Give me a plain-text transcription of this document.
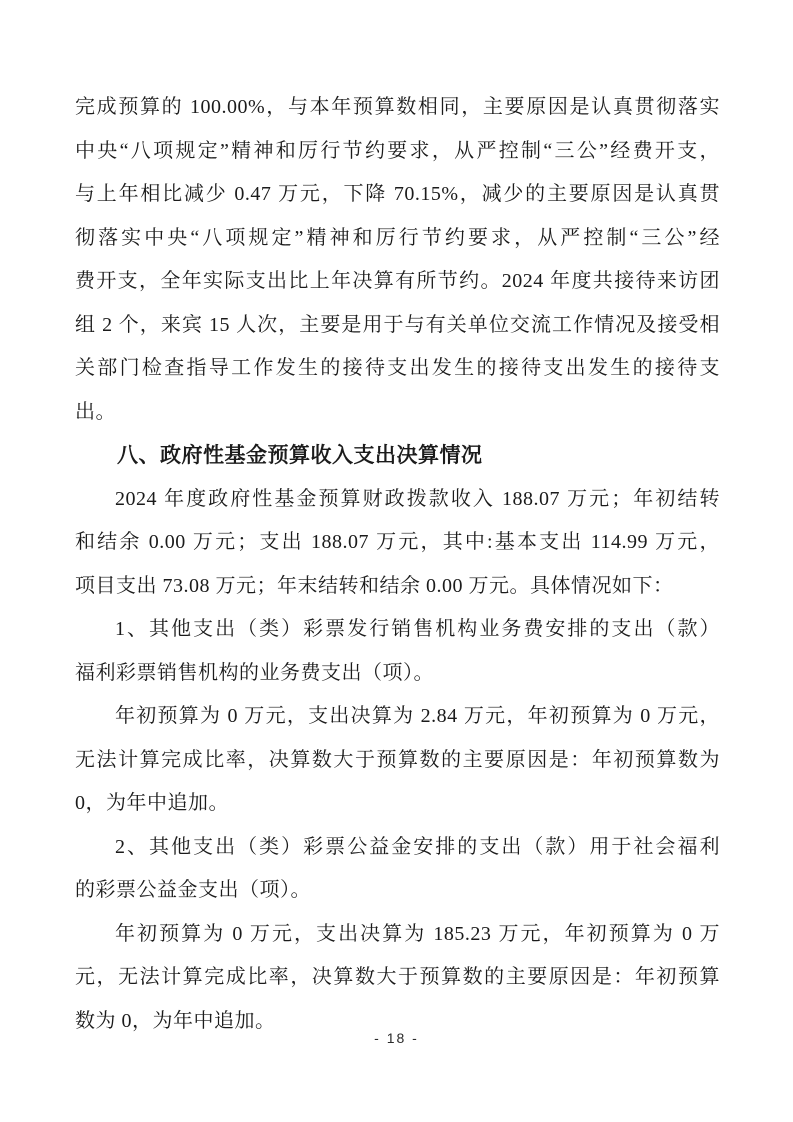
完成预算的 100.00%，与本年预算数相同，主要原因是认真贯彻落实

中央“八项规定”精神和厉行节约要求，从严控制“三公”经费开支，

与上年相比减少 0.47 万元，下降 70.15%，减少的主要原因是认真贯

彻落实中央“八项规定”精神和厉行节约要求，从严控制“三公”经

费开支，全年实际支出比上年决算有所节约。2024 年度共接待来访团

组 2 个，来宾 15 人次，主要是用于与有关单位交流工作情况及接受相

关部门检查指导工作发生的接待支出发生的接待支出发生的接待支

出。

八、政府性基金预算收入支出决算情况

2024 年度政府性基金预算财政拨款收入 188.07 万元；年初结转

和结余 0.00 万元；支出 188.07 万元，其中:基本支出 114.99 万元，

项目支出 73.08 万元；年末结转和结余 0.00 万元。具体情况如下：

1、其他支出（类）彩票发行销售机构业务费安排的支出（款）

福利彩票销售机构的业务费支出（项）。

年初预算为 0 万元，支出决算为 2.84 万元，年初预算为 0 万元，

无法计算完成比率，决算数大于预算数的主要原因是：年初预算数为

0，为年中追加。

2、其他支出（类）彩票公益金安排的支出（款）用于社会福利

的彩票公益金支出（项）。

年初预算为 0 万元，支出决算为 185.23 万元，年初预算为 0 万

元，无法计算完成比率，决算数大于预算数的主要原因是：年初预算

数为 0，为年中追加。

- 18 -
